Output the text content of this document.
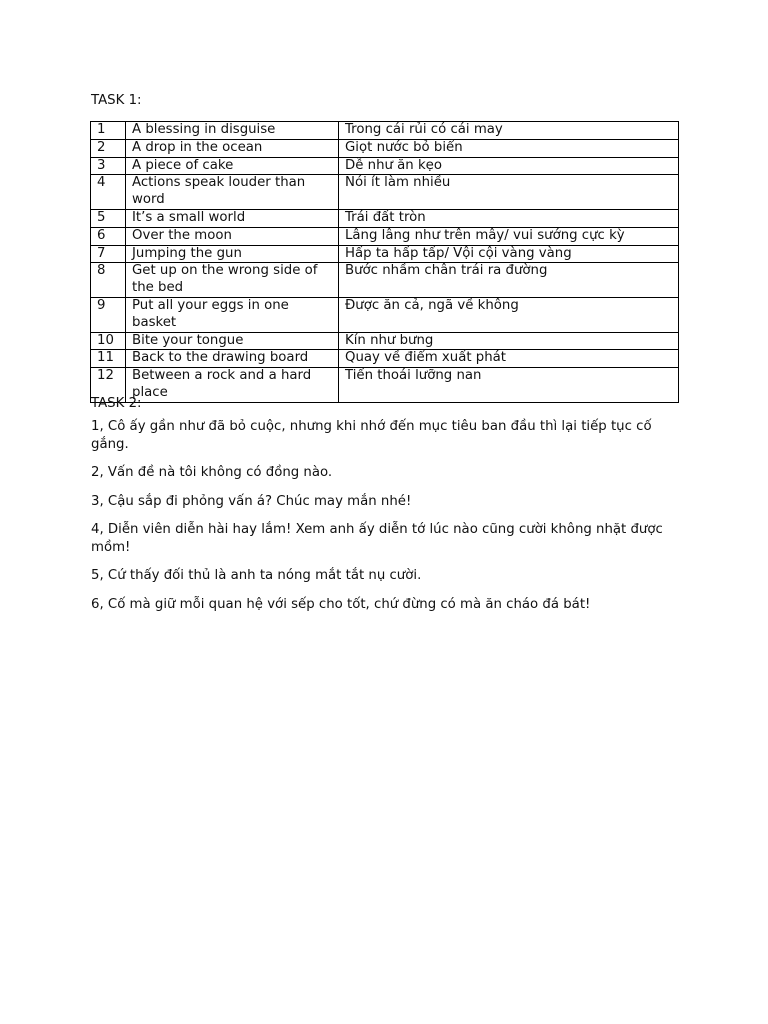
TASK 1:
1	A blessing in disguise	Trong cái rủi có cái may
2	A drop in the ocean	Giọt nước bỏ biển
3	A piece of cake	Dễ như ăn kẹo
4	Actions speak louder than word	Nói ít làm nhiều
5	It’s a small world	Trái đất tròn
6	Over the moon	Lâng lâng như trên mây/ vui sướng cực kỳ
7	Jumping the gun	Hấp ta hấp tấp/ Vội cội vàng vàng
8	Get up on the wrong side of the bed	Bước nhầm chân trái ra đường
9	Put all your eggs in one basket	Được ăn cả, ngã về không
10	Bite your tongue	Kín như bưng
11	Back to the drawing board	Quay về điểm xuất phát
12	Between a rock and a hard place	Tiến thoái lưỡng nan
TASK 2:

1, Cô ấy gần như đã bỏ cuộc, nhưng khi nhớ đến mục tiêu ban đầu thì lại tiếp tục cố gắng.

2, Vấn đề nà tôi không có đồng nào.

3, Cậu sắp đi phỏng vấn á? Chúc may mắn nhé!

4, Diễn viên diễn hài hay lắm! Xem anh ấy diễn tớ lúc nào cũng cười không nhặt được mồm!

5, Cứ thấy đối thủ là anh ta nóng mắt tắt nụ cười.

6, Cố mà giữ mỗi quan hệ với sếp cho tốt, chứ đừng có mà ăn cháo đá bát!
